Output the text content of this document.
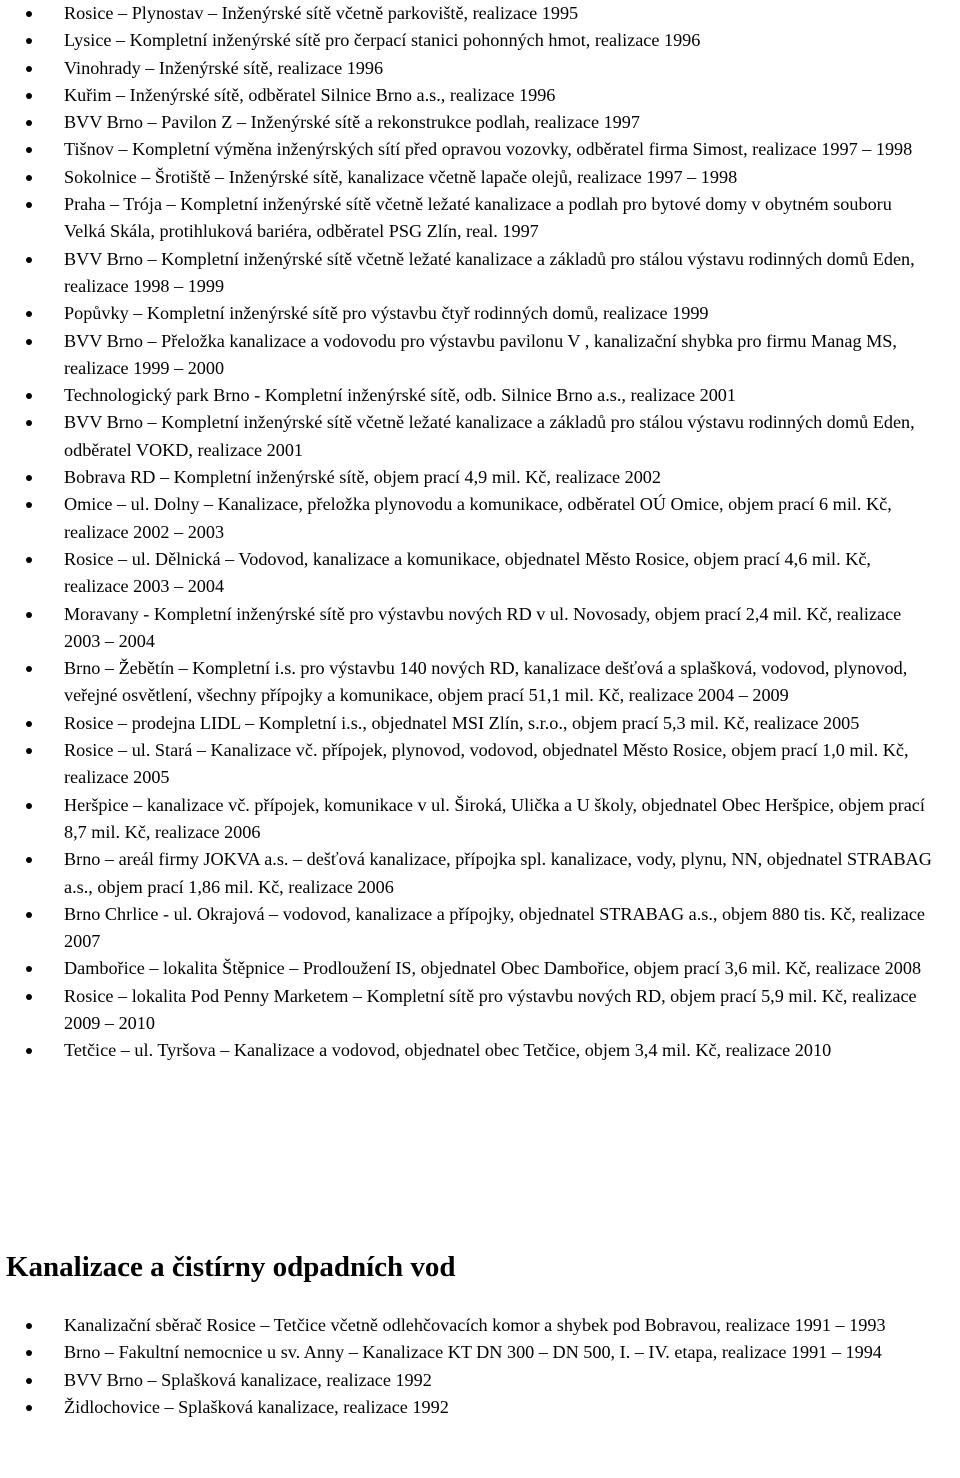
Rosice – Plynostav – Inženýrské sítě včetně parkoviště, realizace 1995
Lysice – Kompletní inženýrské sítě pro čerpací stanici pohonných hmot, realizace 1996
Vinohrady – Inženýrské sítě, realizace 1996
Kuřim – Inženýrské sítě, odběratel Silnice Brno a.s., realizace 1996
BVV Brno – Pavilon Z – Inženýrské sítě a rekonstrukce podlah, realizace 1997
Tišnov – Kompletní výměna inženýrských sítí před opravou vozovky, odběratel firma Simost, realizace 1997 – 1998
Sokolnice – Šrotiště – Inženýrské sítě, kanalizace včetně lapače olejů, realizace 1997 – 1998
Praha – Trója – Kompletní inženýrské sítě včetně ležaté kanalizace a podlah pro bytové domy v obytném souboru Velká Skála, protihluková bariéra, odběratel PSG Zlín, real. 1997
BVV Brno – Kompletní inženýrské sítě včetně ležaté kanalizace a základů pro stálou výstavu rodinných domů Eden, realizace 1998 – 1999
Popůvky – Kompletní inženýrské sítě pro výstavbu čtyř rodinných domů, realizace 1999
BVV Brno – Přeložka kanalizace a vodovodu pro výstavbu pavilonu V , kanalizační shybka pro firmu Manag MS, realizace 1999 – 2000
Technologický park Brno - Kompletní inženýrské sítě, odb. Silnice Brno a.s., realizace 2001
BVV Brno – Kompletní inženýrské sítě včetně ležaté kanalizace a základů pro stálou výstavu rodinných domů Eden, odběratel VOKD, realizace 2001
Bobrava RD – Kompletní inženýrské sítě, objem prací 4,9 mil. Kč, realizace 2002
Omice – ul. Dolny – Kanalizace, přeložka plynovodu a komunikace, odběratel OÚ Omice, objem prací 6 mil. Kč, realizace 2002 – 2003
Rosice – ul. Dělnická – Vodovod, kanalizace a komunikace, objednatel Město Rosice, objem prací 4,6 mil. Kč, realizace 2003 – 2004
Moravany - Kompletní inženýrské sítě pro výstavbu nových RD v ul. Novosady, objem prací 2,4 mil. Kč, realizace 2003 – 2004
Brno – Žebětín – Kompletní i.s. pro výstavbu 140 nových RD, kanalizace dešťová a splašková, vodovod, plynovod, veřejné osvětlení, všechny přípojky a komunikace, objem prací 51,1 mil. Kč, realizace 2004 – 2009
Rosice – prodejna LIDL – Kompletní i.s., objednatel MSI Zlín, s.r.o., objem prací 5,3 mil. Kč, realizace 2005
Rosice – ul. Stará – Kanalizace vč. přípojek, plynovod, vodovod, objednatel Město Rosice, objem prací 1,0 mil. Kč, realizace 2005
Heršpice – kanalizace vč. přípojek, komunikace v ul. Široká, Ulička a U školy, objednatel Obec Heršpice, objem prací 8,7 mil. Kč, realizace 2006
Brno – areál firmy JOKVA a.s. – dešťová kanalizace, přípojka spl. kanalizace, vody, plynu, NN, objednatel STRABAG a.s., objem prací 1,86 mil. Kč, realizace 2006
Brno Chrlice - ul. Okrajová – vodovod, kanalizace a přípojky, objednatel STRABAG a.s., objem 880 tis. Kč, realizace 2007
Dambořice – lokalita Štěpnice – Prodloužení IS, objednatel Obec Dambořice, objem prací 3,6 mil. Kč, realizace 2008
Rosice – lokalita Pod Penny Marketem – Kompletní sítě pro výstavbu nových RD, objem prací 5,9 mil. Kč, realizace 2009 – 2010
Tetčice – ul. Tyršova – Kanalizace a vodovod, objednatel obec Tetčice, objem 3,4 mil. Kč, realizace 2010
Kanalizace a čistírny odpadních vod
Kanalizační sběrač Rosice – Tetčice včetně odlehčovacích komor a shybek pod Bobravou, realizace 1991 – 1993
Brno – Fakultní nemocnice u sv. Anny – Kanalizace KT DN 300 – DN 500, I. – IV. etapa, realizace 1991 – 1994
BVV Brno – Splašková kanalizace, realizace 1992
Židlochovice – Splašková kanalizace, realizace 1992
